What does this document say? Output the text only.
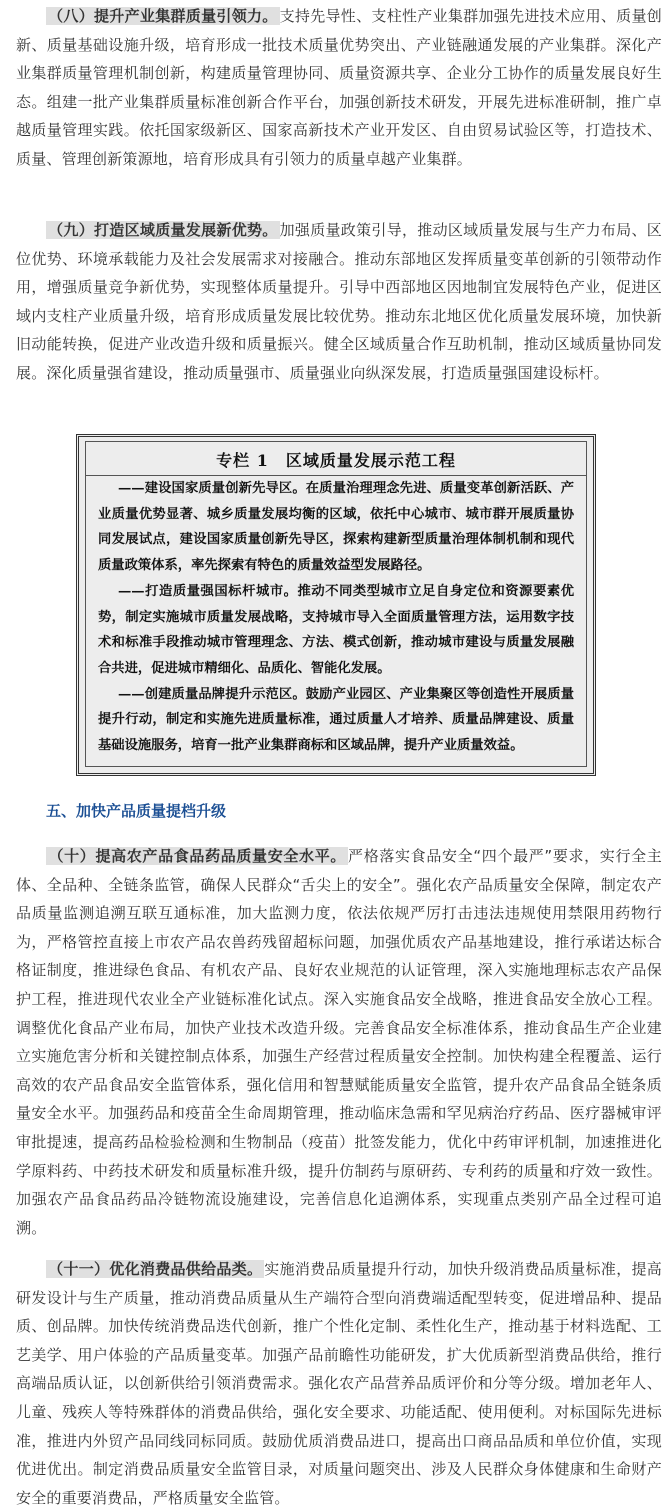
（八）提升产业集群质量引领力。 支持先导性、支柱性产业集群加强先进技术应用、质量创新、质量基础设施升级，培育形成一批技术质量优势突出、产业链融通发展的产业集群。深化产业集群质量管理机制创新，构建质量管理协同、质量资源共享、企业分工协作的质量发展良好生态。组建一批产业集群质量标准创新合作平台，加强创新技术研发，开展先进标准研制，推广卓越质量管理实践。依托国家级新区、国家高新技术产业开发区、自由贸易试验区等，打造技术、质量、管理创新策源地，培育形成具有引领力的质量卓越产业集群。

（九）打造区域质量发展新优势。 加强质量政策引导，推动区域质量发展与生产力布局、区位优势、环境承载能力及社会发展需求对接融合。推动东部地区发挥质量变革创新的引领带动作用，增强质量竞争新优势，实现整体质量提升。引导中西部地区因地制宜发展特色产业，促进区域内支柱产业质量升级，培育形成质量发展比较优势。推动东北地区优化质量发展环境，加快新旧动能转换，促进产业改造升级和质量振兴。健全区域质量合作互助机制，推动区域质量协同发展。深化质量强省建设，推动质量强市、质量强业向纵深发展，打造质量强国建设标杆。

专栏 1　区域质量发展示范工程
——建设国家质量创新先导区。在质量治理理念先进、质量变革创新活跃、产业质量优势显著、城乡质量发展均衡的区域，依托中心城市、城市群开展质量协同发展试点，建设国家质量创新先导区，探索构建新型质量治理体制机制和现代质量政策体系，率先探索有特色的质量效益型发展路径。
——打造质量强国标杆城市。推动不同类型城市立足自身定位和资源要素优势，制定实施城市质量发展战略，支持城市导入全面质量管理方法，运用数字技术和标准手段推动城市管理理念、方法、模式创新，推动城市建设与质量发展融合共进，促进城市精细化、品质化、智能化发展。
——创建质量品牌提升示范区。鼓励产业园区、产业集聚区等创造性开展质量提升行动，制定和实施先进质量标准，通过质量人才培养、质量品牌建设、质量基础设施服务，培育一批产业集群商标和区域品牌，提升产业质量效益。
五、加快产品质量提档升级

（十）提高农产品食品药品质量安全水平。 严格落实食品安全“四个最严”要求，实行全主体、全品种、全链条监管，确保人民群众“舌尖上的安全”。强化农产品质量安全保障，制定农产品质量监测追溯互联互通标准，加大监测力度，依法依规严厉打击违法违规使用禁限用药物行为，严格管控直接上市农产品农兽药残留超标问题，加强优质农产品基地建设，推行承诺达标合格证制度，推进绿色食品、有机农产品、良好农业规范的认证管理，深入实施地理标志农产品保护工程，推进现代农业全产业链标准化试点。深入实施食品安全战略，推进食品安全放心工程。调整优化食品产业布局，加快产业技术改造升级。完善食品安全标准体系，推动食品生产企业建立实施危害分析和关键控制点体系，加强生产经营过程质量安全控制。加快构建全程覆盖、运行高效的农产品食品安全监管体系，强化信用和智慧赋能质量安全监管，提升农产品食品全链条质量安全水平。加强药品和疫苗全生命周期管理，推动临床急需和罕见病治疗药品、医疗器械审评审批提速，提高药品检验检测和生物制品（疫苗）批签发能力，优化中药审评机制，加速推进化学原料药、中药技术研发和质量标准升级，提升仿制药与原研药、专利药的质量和疗效一致性。加强农产品食品药品冷链物流设施建设，完善信息化追溯体系，实现重点类别产品全过程可追溯。

（十一）优化消费品供给品类。 实施消费品质量提升行动，加快升级消费品质量标准，提高研发设计与生产质量，推动消费品质量从生产端符合型向消费端适配型转变，促进增品种、提品质、创品牌。加快传统消费品迭代创新，推广个性化定制、柔性化生产，推动基于材料选配、工艺美学、用户体验的产品质量变革。加强产品前瞻性功能研发，扩大优质新型消费品供给，推行高端品质认证，以创新供给引领消费需求。强化农产品营养品质评价和分等分级。增加老年人、儿童、残疾人等特殊群体的消费品供给，强化安全要求、功能适配、使用便利。对标国际先进标准，推进内外贸产品同线同标同质。鼓励优质消费品进口，提高出口商品品质和单位价值，实现优进优出。制定消费品质量安全监管目录，对质量问题突出、涉及人民群众身体健康和生命财产安全的重要消费品，严格质量安全监管。
